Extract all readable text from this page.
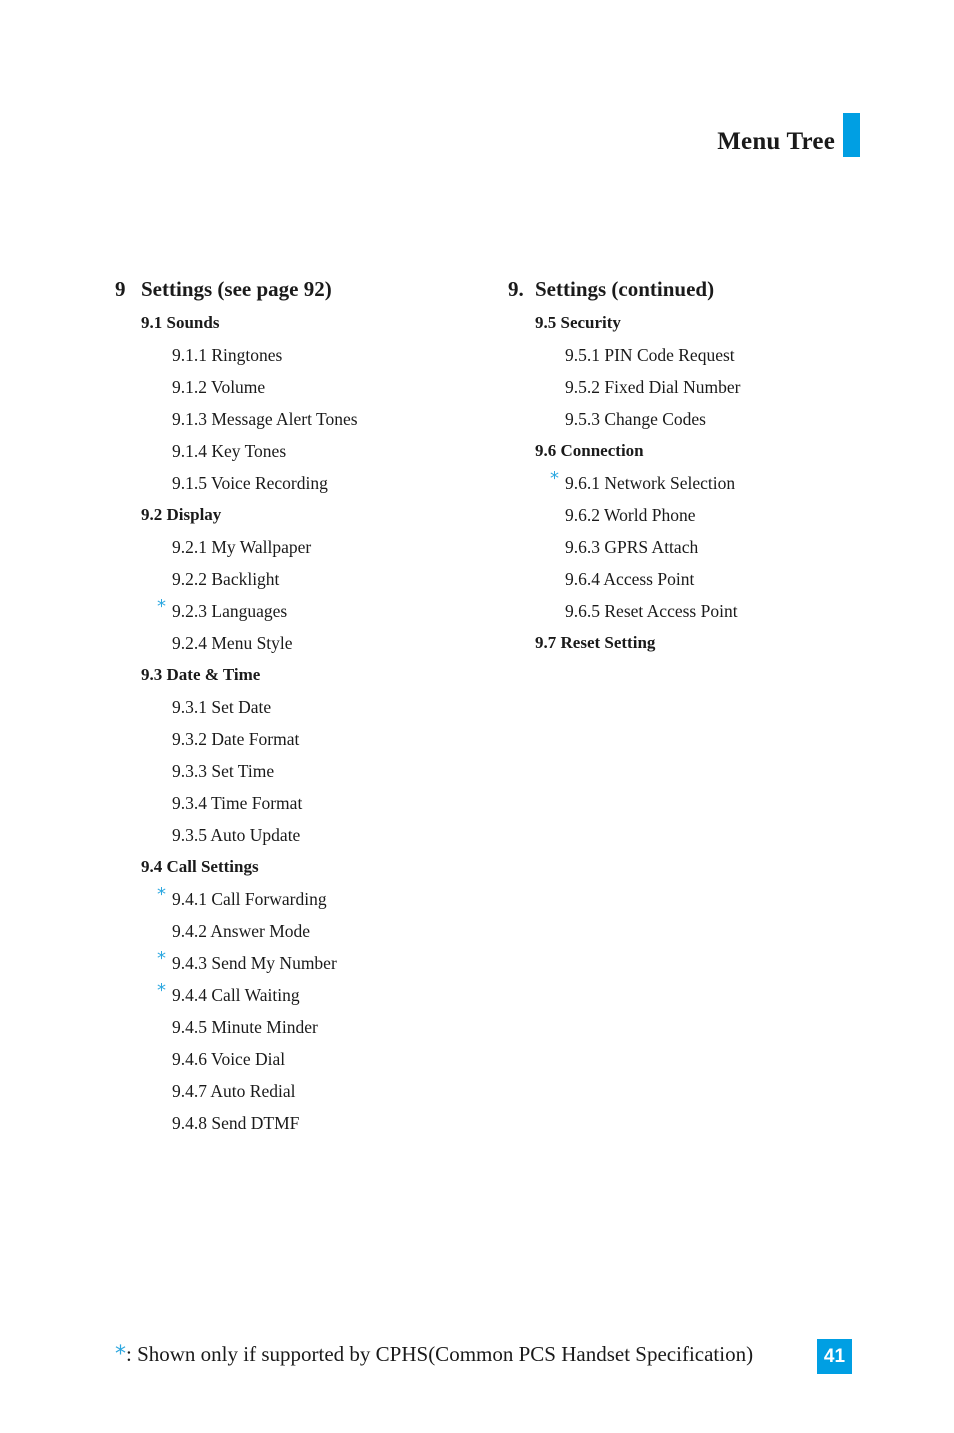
Menu Tree
9 Settings (see page 92)
9.1 Sounds
9.1.1 Ringtones
9.1.2 Volume
9.1.3 Message Alert Tones
9.1.4 Key Tones
9.1.5 Voice Recording
9.2 Display
9.2.1 My Wallpaper
9.2.2 Backlight
* 9.2.3 Languages
9.2.4 Menu Style
9.3 Date & Time
9.3.1 Set Date
9.3.2 Date Format
9.3.3 Set Time
9.3.4 Time Format
9.3.5 Auto Update
9.4 Call Settings
* 9.4.1 Call Forwarding
9.4.2 Answer Mode
* 9.4.3 Send My Number
* 9.4.4 Call Waiting
9.4.5 Minute Minder
9.4.6 Voice Dial
9.4.7 Auto Redial
9.4.8 Send DTMF
9. Settings (continued)
9.5 Security
9.5.1 PIN Code Request
9.5.2 Fixed Dial Number
9.5.3 Change Codes
9.6 Connection
* 9.6.1 Network Selection
9.6.2 World Phone
9.6.3 GPRS Attach
9.6.4 Access Point
9.6.5 Reset Access Point
9.7 Reset Setting
*: Shown only if supported by CPHS(Common PCS Handset Specification)	41
